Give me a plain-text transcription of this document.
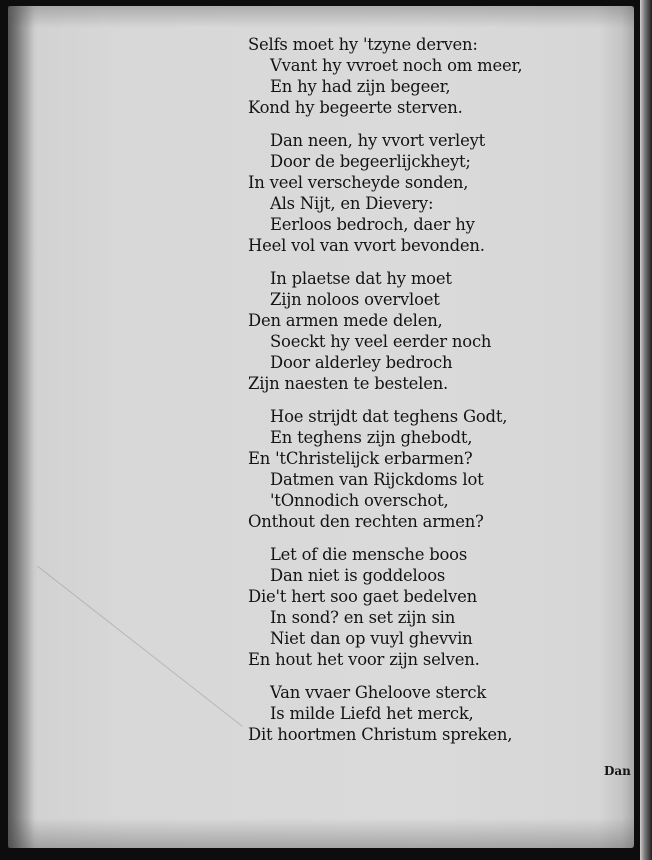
Selfs moet hy 'tzyne derven:
Vvant hy vvroet noch om meer,
En hy had zijn begeer,
Kond hy begeerte sterven.
Dan neen, hy vvort verleyt
Door de begeerlijckheyt;
In veel verscheyde sonden,
Als Nijt, en Dievery:
Eerloos bedroch, daer hy
Heel vol van vvort bevonden.
In plaetse dat hy moet
Zijn noloos overvloet
Den armen mede delen,
Soeckt hy veel eerder noch
Door alderley bedroch
Zijn naesten te bestelen.
Hoe strijdt dat teghens Godt,
En teghens zijn ghebodt,
En 'tChristelijck erbarmen?
Datmen van Rijckdoms lot
'tOnnodich overschot,
Onthout den rechten armen?
Let of die mensche boos
Dan niet is goddeloos
Die't hert soo gaet bedelven
In sond? en set zijn sin
Niet dan op vuyl ghevvin
En hout het voor zijn selven.
Van vvaer Gheloove sterck
Is milde Liefd het merck,
Dit hoortmen Christum spreken,
Dan
